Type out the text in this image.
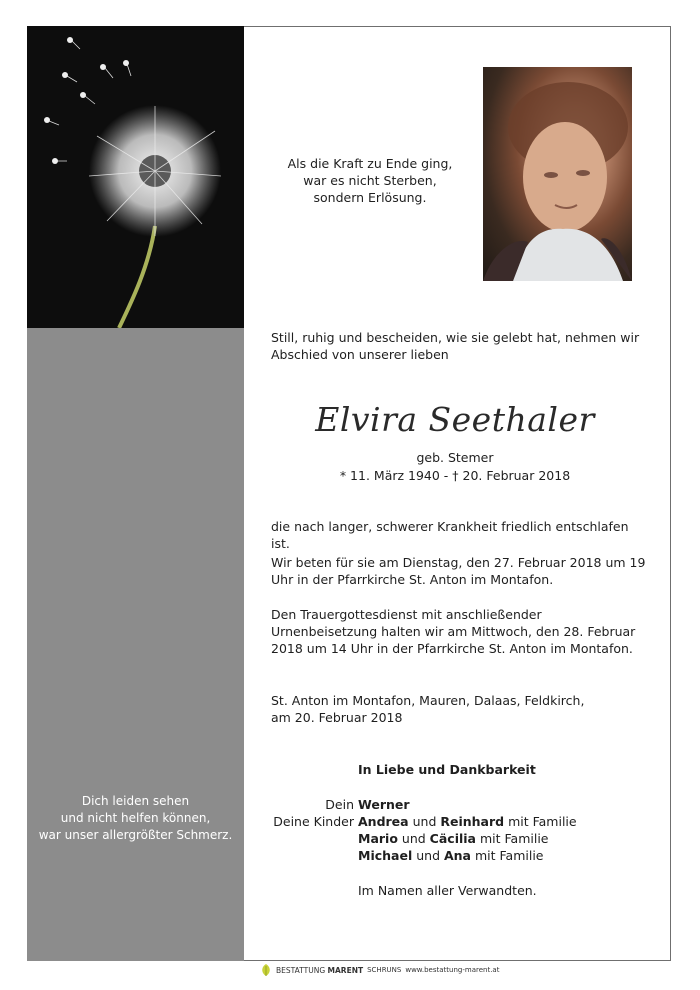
Dich leiden sehen
und nicht helfen können,
war unser allergrößter Schmerz.
Als die Kraft zu Ende ging,
war es nicht Sterben,
sondern Erlösung.
Still, ruhig und bescheiden, wie sie gelebt hat, nehmen wir Abschied von unserer lieben
Elvira Seethaler
geb. Stemer
* 11. März 1940 - † 20. Februar 2018
die nach langer, schwerer Krankheit friedlich entschlafen ist.
Wir beten für sie am Dienstag, den 27. Februar 2018 um 19 Uhr in der Pfarrkirche St. Anton im Montafon.
Den Trauergottesdienst mit anschließender Urnenbeisetzung halten wir am Mittwoch, den 28. Februar 2018 um 14 Uhr in der Pfarrkirche St. Anton im Montafon.
St. Anton im Montafon, Mauren, Dalaas, Feldkirch,
am 20. Februar 2018
In Liebe und Dankbarkeit
Dein Werner
Deine Kinder Andrea und Reinhard mit Familie
Mario und Cäcilia mit Familie
Michael und Ana mit Familie
Im Namen aller Verwandten.
BESTATTUNG MARENT SCHRUNS www.bestattung-marent.at
